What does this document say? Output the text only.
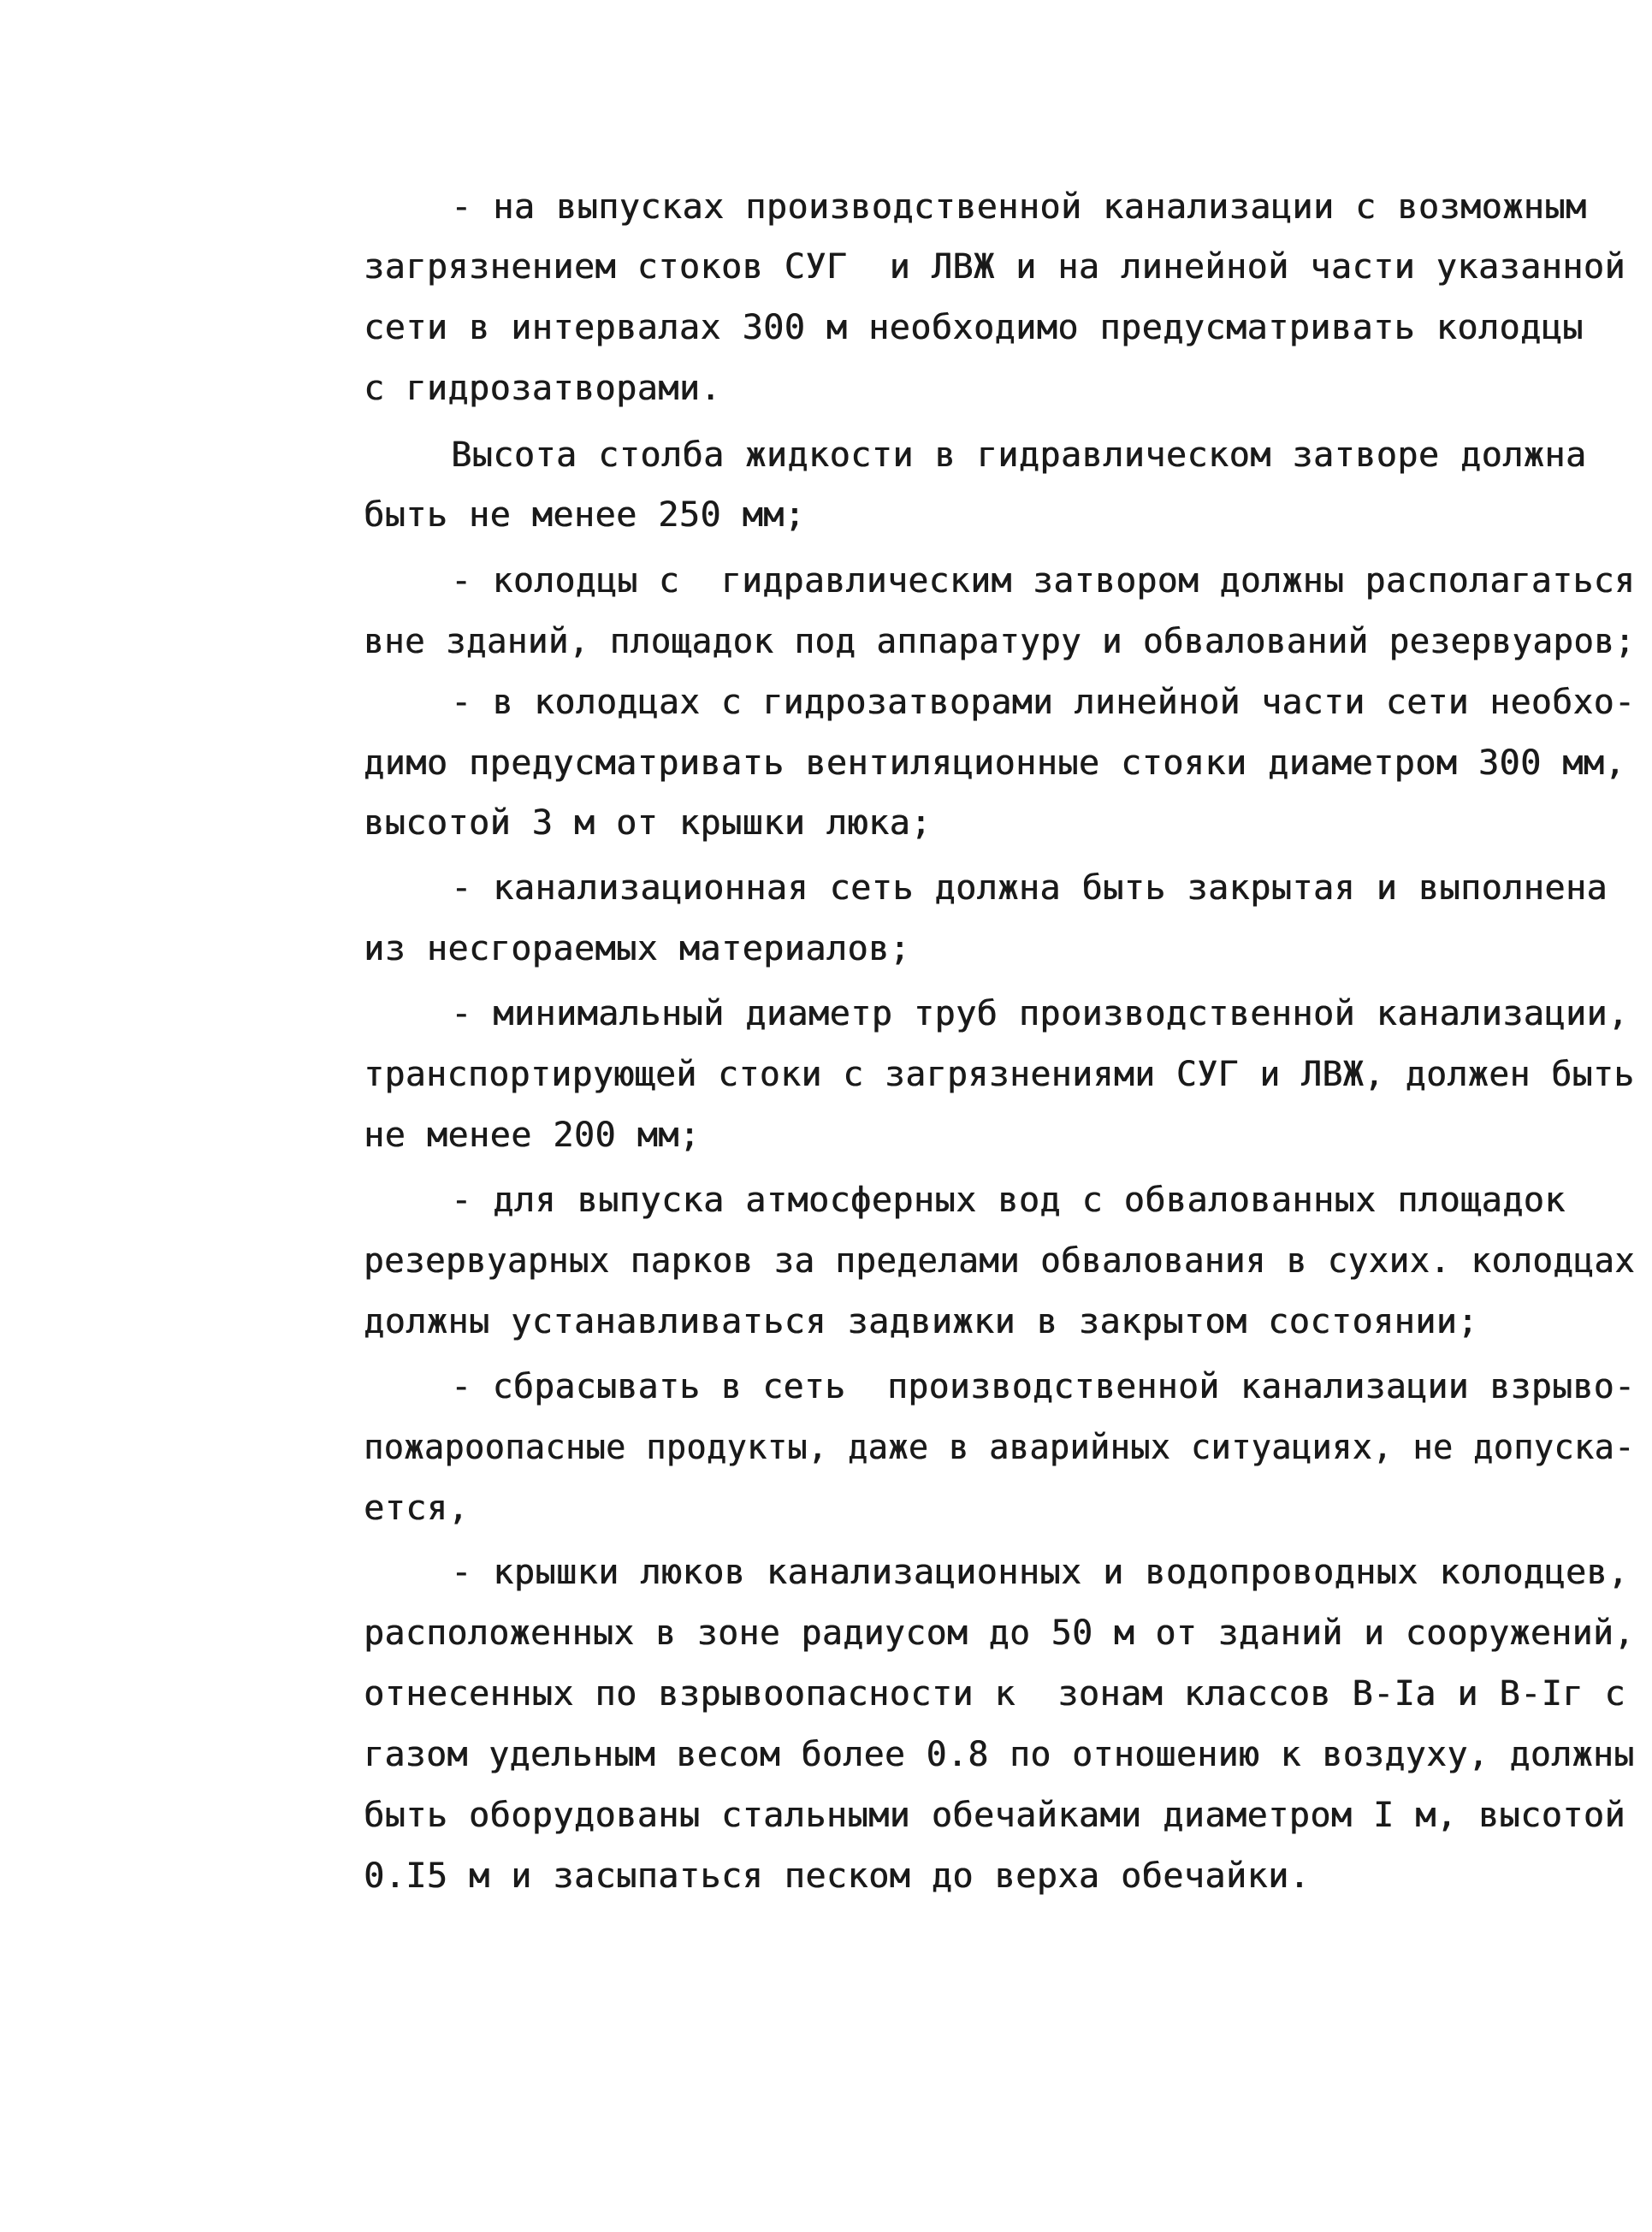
- на выпусках производственной канализации с возможным
загрязнением стоков СУГ  и ЛВЖ и на линейной части указанной
сети в интервалах 300 м необходимо предусматривать колодцы
с гидрозатворами.
Высота столба жидкости в гидравлическом затворе должна
быть не менее 250 мм;
- колодцы с  гидравлическим затвором должны располагаться
вне зданий, площадок под аппаратуру и обвалований резервуаров;
- в колодцах с гидрозатворами линейной части сети необхо-
димо предусматривать вентиляционные стояки диаметром 300 мм,
высотой 3 м от крышки люка;
- канализационная сеть должна быть закрытая и выполнена
из несгораемых материалов;
- минимальный диаметр труб производственной канализации,
транспортирующей стоки с загрязнениями СУГ и ЛВЖ, должен быть
не менее 200 мм;
- для выпуска атмосферных вод с обвалованных площадок
резервуарных парков за пределами обвалования в сухих. колодцах
должны устанавливаться задвижки в закрытом состоянии;
- сбрасывать в сеть  производственной канализации взрыво-
пожароопасные продукты, даже в аварийных ситуациях, не допуска-
ется,
- крышки люков канализационных и водопроводных колодцев,
расположенных в зоне радиусом до 50 м от зданий и сооружений,
отнесенных по взрывоопасности к  зонам классов В-Iа и В-Iг с
газом удельным весом более 0.8 по отношению к воздуху, должны
быть оборудованы стальными обечайками диаметром I м, высотой
0.I5 м и засыпаться песком до верха обечайки.
